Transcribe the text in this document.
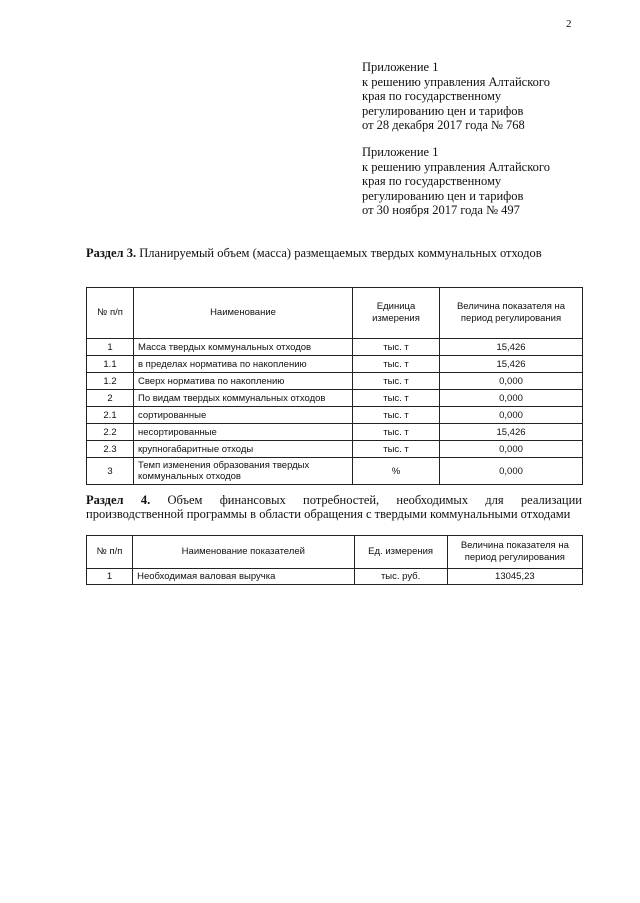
2
Приложение 1
к решению управления Алтайского
края по государственному
регулированию цен и тарифов
от 28 декабря 2017 года № 768
Приложение 1
к решению управления Алтайского
края по государственному
регулированию цен и тарифов
от 30 ноября 2017 года № 497
Раздел 3. Планируемый объем (масса) размещаемых твердых коммунальных отходов
№ п/п	Наименование	Единица измерения	Величина показателя на период регулирования
1	Масса твердых коммунальных отходов	тыс. т	15,426
1.1	в пределах норматива по накоплению	тыс. т	15,426
1.2	Сверх норматива по накоплению	тыс. т	0,000
2	По видам твердых коммунальных отходов	тыс. т	0,000
2.1	сортированные	тыс. т	0,000
2.2	несортированные	тыс. т	15,426
2.3	крупногабаритные отходы	тыс. т	0,000
3	Темп изменения образования твердых коммунальных отходов	%	0,000
Раздел 4. Объем финансовых потребностей, необходимых для реализации производственной программы в области обращения с твердыми коммунальными отходами
№ п/п	Наименование показателей	Ед. измерения	Величина показателя на период регулирования
1	Необходимая валовая выручка	тыс. руб.	13045,23
